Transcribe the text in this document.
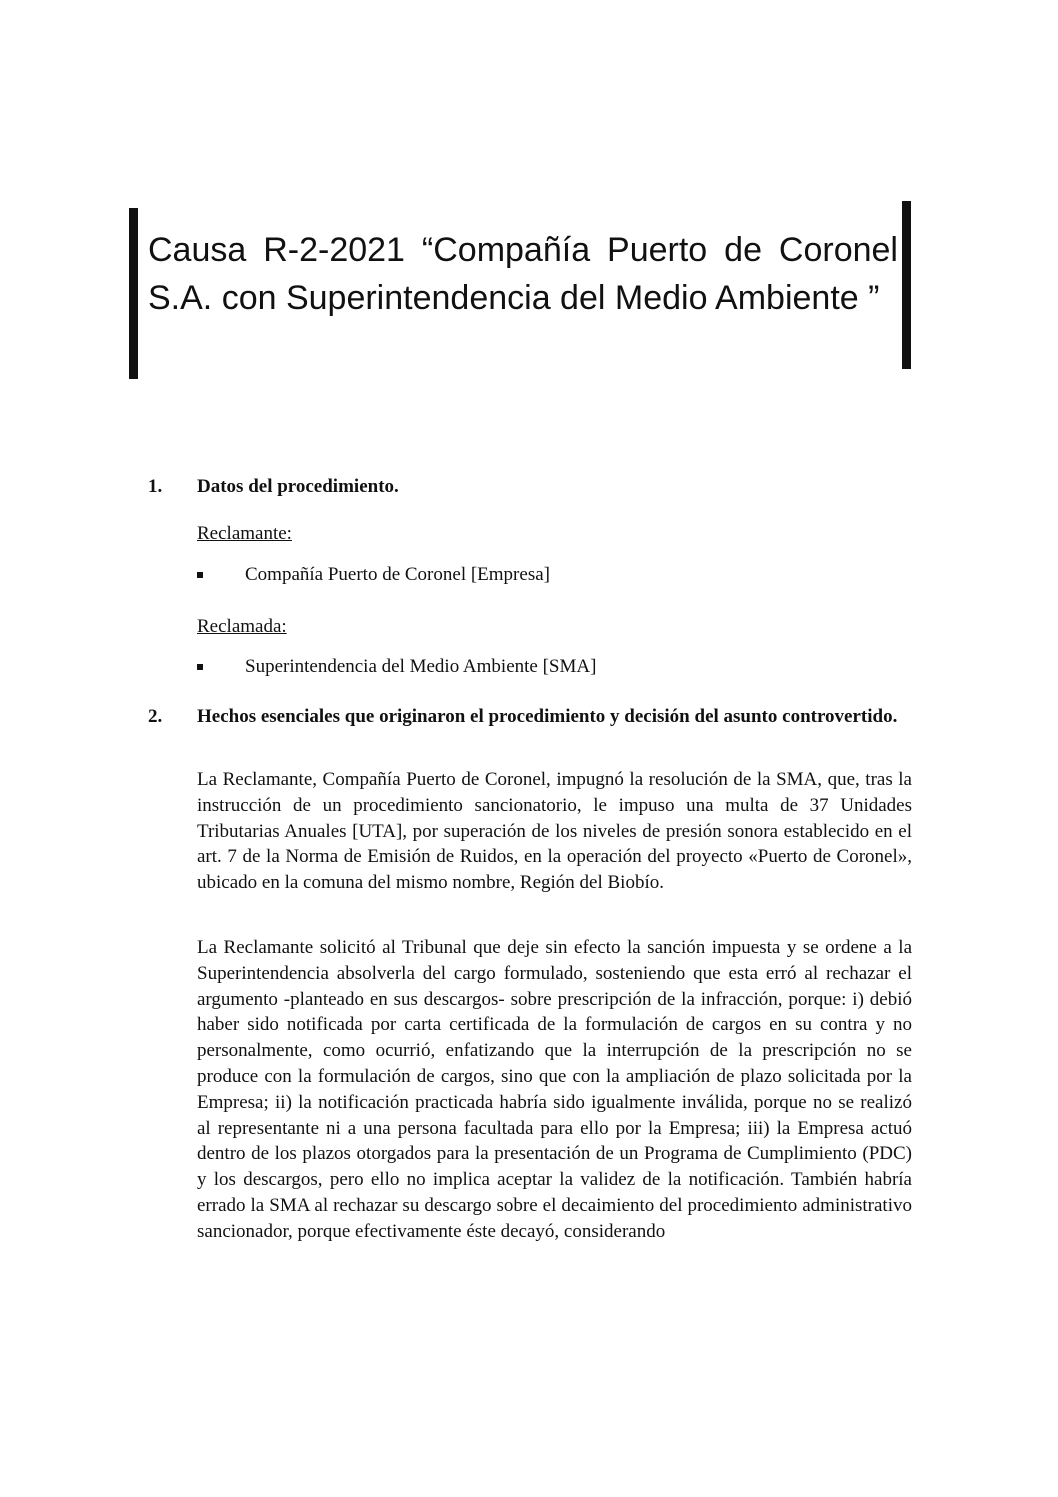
Causa R-2-2021 “Compañía Puerto de Coronel
S.A. con Superintendencia del Medio Ambiente ”
1. Datos del procedimiento.
Reclamante:
Compañía Puerto de Coronel [Empresa]
Reclamada:
Superintendencia del Medio Ambiente [SMA]
2. Hechos esenciales que originaron el procedimiento y decisión del asunto controvertido.

La Reclamante, Compañía Puerto de Coronel, impugnó la resolución de la SMA, que, tras la instrucción de un procedimiento sancionatorio, le impuso una multa de 37 Unidades Tributarias Anuales [UTA], por superación de los niveles de presión sonora establecido en el art. 7 de la Norma de Emisión de Ruidos, en la operación del proyecto «Puerto de Coronel», ubicado en la comuna del mismo nombre, Región del Biobío.

La Reclamante solicitó al Tribunal que deje sin efecto la sanción impuesta y se ordene a la Superintendencia absolverla del cargo formulado, sosteniendo que esta erró al rechazar el argumento -planteado en sus descargos- sobre prescripción de la infracción, porque: i) debió haber sido notificada por carta certificada de la formulación de cargos en su contra y no personalmente, como ocurrió, enfatizando que la interrupción de la prescripción no se produce con la formulación de cargos, sino que con la ampliación de plazo solicitada por la Empresa; ii) la notificación practicada habría sido igualmente inválida, porque no se realizó al representante ni a una persona facultada para ello por la Empresa; iii) la Empresa actuó dentro de los plazos otorgados para la presentación de un Programa de Cumplimiento (PDC) y los descargos, pero ello no implica aceptar la validez de la notificación. También habría errado la SMA al rechazar su descargo sobre el decaimiento del procedimiento administrativo sancionador, porque efectivamente éste decayó, considerando
